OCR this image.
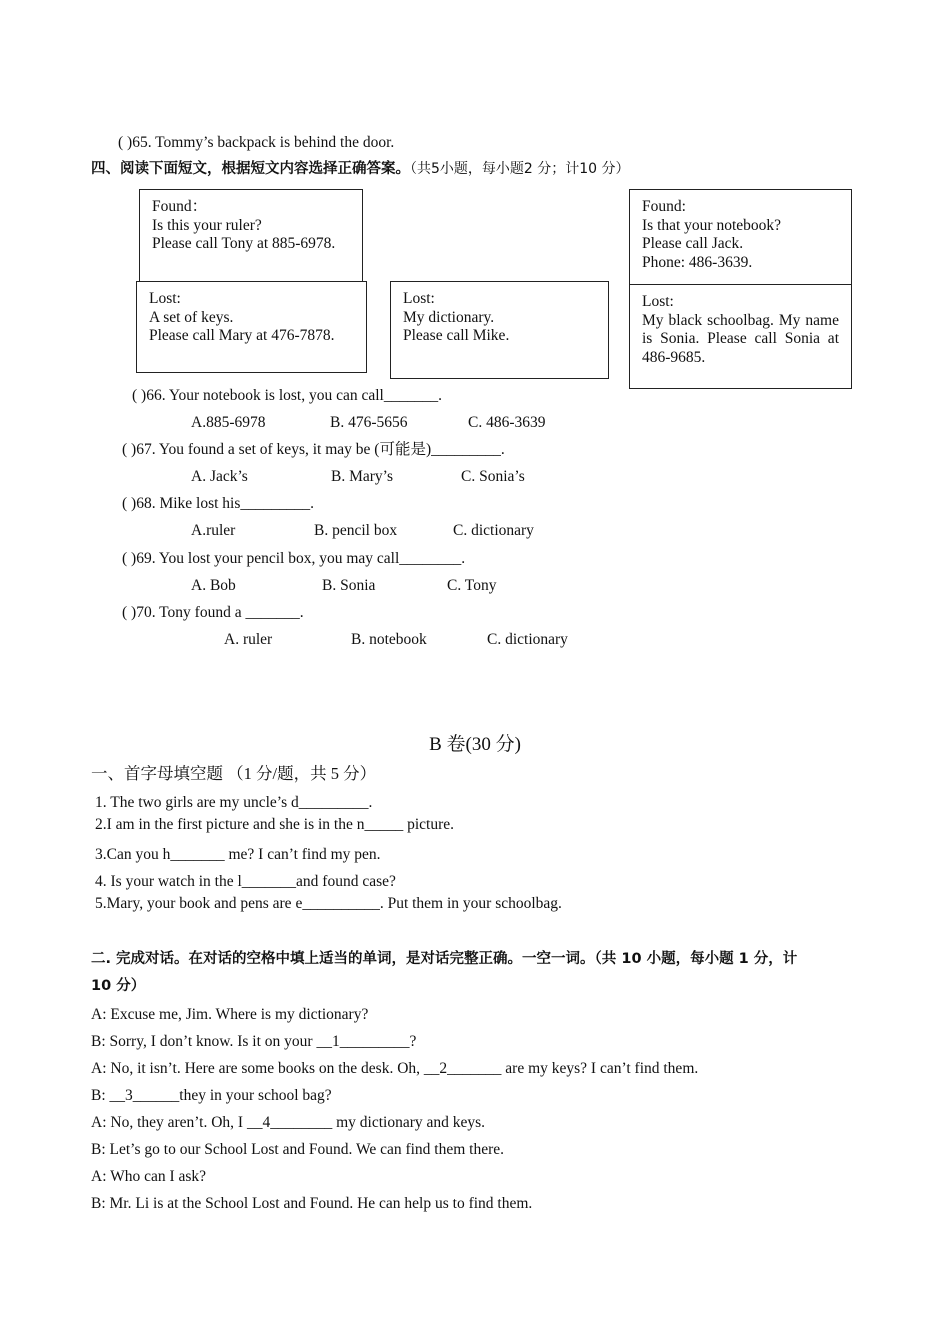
( )65. Tommy’s backpack is behind the door.
四、阅读下面短文，根据短文内容选择正确答案。（共5小题，每小题2 分；计10 分）
Found：
Is this your ruler?
Please call Tony at 885-6978.
Lost:
A set of keys.
Please call Mary at 476-7878.
Lost:
My dictionary.
Please call Mike.
Found:
Is that your notebook?
Please call Jack.
Phone: 486-3639.
Lost:
My black schoolbag. My name is Sonia. Please call Sonia at 486-9685.
( )66. Your notebook is lost, you can call_______.
A.885-6978	B. 476-5656	C. 486-3639
( )67. You found a set of keys, it may be (可能是)_________.
A. Jack’s	B. Mary’s	C. Sonia’s
( )68. Mike lost his_________.
A.ruler	B. pencil box	C. dictionary
( )69. You lost your pencil box, you may call________.
A. Bob	B. Sonia	C. Tony
( )70. Tony found a _______.
A. ruler	B. notebook	C. dictionary
B 卷(30 分)
一、首字母填空题 （1 分/题，共 5 分）
1. The two girls are my uncle’s d_________.
2.I am in the first picture and she is in the n_____ picture.
3.Can you h_______ me? I can’t find my pen.
4. Is your watch in the l_______and found case?
5.Mary, your book and pens are e__________. Put them in your schoolbag.
二. 完成对话。在对话的空格中填上适当的单词，是对话完整正确。一空一词。（共 10 小题，每小题 1 分，计
10 分）
A: Excuse me, Jim. Where is my dictionary?
B: Sorry, I don’t know. Is it on your __1_________?
A: No, it isn’t. Here are some books on the desk. Oh, __2_______ are my keys? I can’t find them.
B: __3______they in your school bag?
A: No, they aren’t. Oh, I __4________ my dictionary and keys.
B: Let’s go to our School Lost and Found. We can find them there.
A: Who can I ask?
B: Mr. Li is at the School Lost and Found. He can help us to find them.
